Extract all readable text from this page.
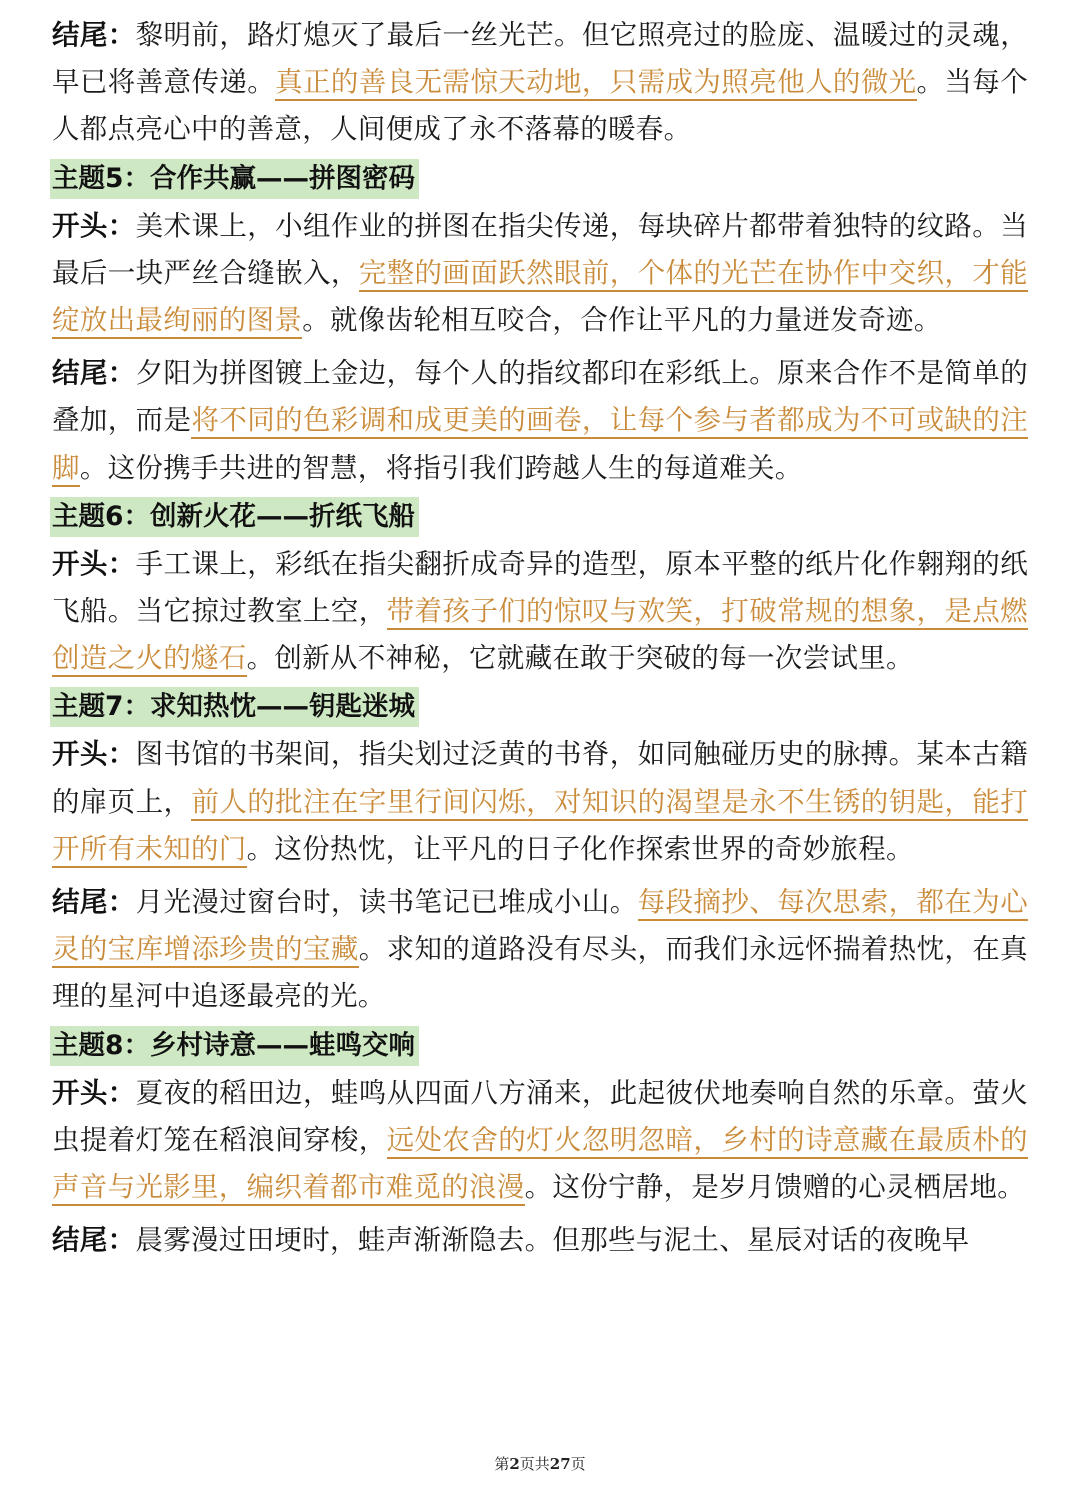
结尾：黎明前，路灯熄灭了最后一丝光芒。但它照亮过的脸庞、温暖过的灵魂，早已将善意传递。真正的善良无需惊天动地，只需成为照亮他人的微光。当每个人都点亮心中的善意，人间便成了永不落幕的暖春。

主题5：合作共赢——拼图密码

开头：美术课上，小组作业的拼图在指尖传递，每块碎片都带着独特的纹路。当最后一块严丝合缝嵌入，完整的画面跃然眼前，个体的光芒在协作中交织，才能绽放出最绚丽的图景。就像齿轮相互咬合，合作让平凡的力量迸发奇迹。

结尾：夕阳为拼图镀上金边，每个人的指纹都印在彩纸上。原来合作不是简单的叠加，而是将不同的色彩调和成更美的画卷，让每个参与者都成为不可或缺的注脚。这份携手共进的智慧，将指引我们跨越人生的每道难关。

主题6：创新火花——折纸飞船

开头：手工课上，彩纸在指尖翻折成奇异的造型，原本平整的纸片化作翱翔的纸飞船。当它掠过教室上空，带着孩子们的惊叹与欢笑，打破常规的想象，是点燃创造之火的燧石。创新从不神秘，它就藏在敢于突破的每一次尝试里。

主题7：求知热忱——钥匙迷城

开头：图书馆的书架间，指尖划过泛黄的书脊，如同触碰历史的脉搏。某本古籍的扉页上，前人的批注在字里行间闪烁，对知识的渴望是永不生锈的钥匙，能打开所有未知的门。这份热忱，让平凡的日子化作探索世界的奇妙旅程。

结尾：月光漫过窗台时，读书笔记已堆成小山。每段摘抄、每次思索，都在为心灵的宝库增添珍贵的宝藏。求知的道路没有尽头，而我们永远怀揣着热忱，在真理的星河中追逐最亮的光。

主题8：乡村诗意——蛙鸣交响

开头：夏夜的稻田边，蛙鸣从四面八方涌来，此起彼伏地奏响自然的乐章。萤火虫提着灯笼在稻浪间穿梭，远处农舍的灯火忽明忽暗，乡村的诗意藏在最质朴的声音与光影里，编织着都市难觅的浪漫。这份宁静，是岁月馈赠的心灵栖居地。

结尾：晨雾漫过田埂时，蛙声渐渐隐去。但那些与泥土、星辰对话的夜晚早

第2页共27页
